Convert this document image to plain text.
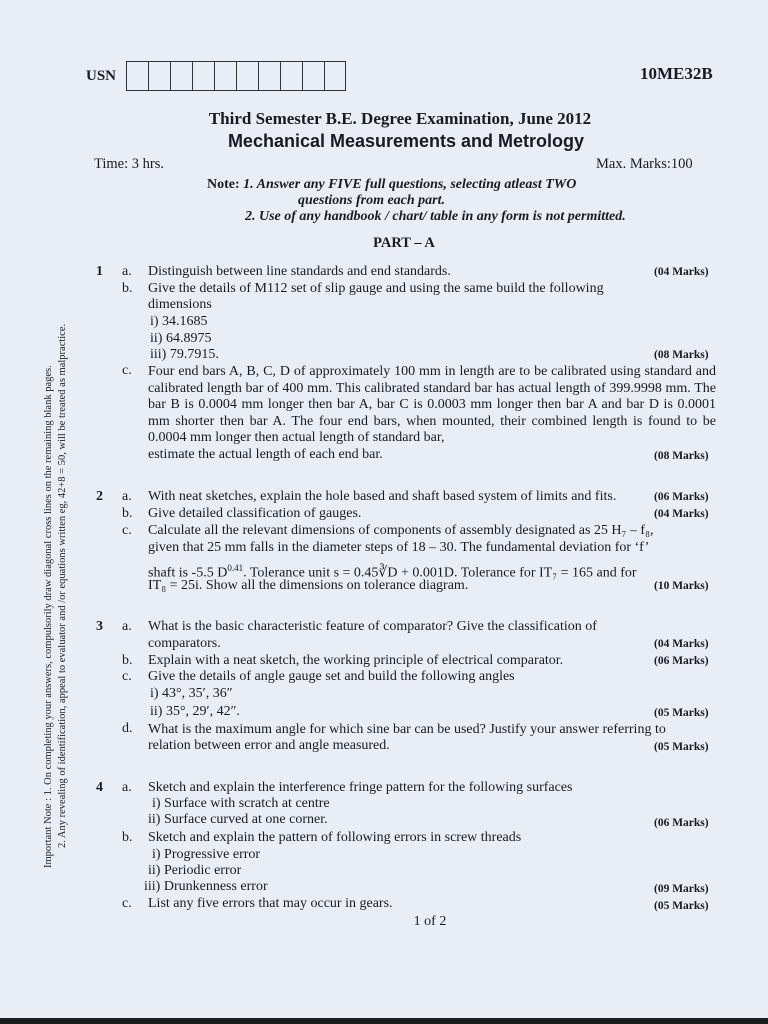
USN	10ME32B
Third Semester B.E. Degree Examination, June 2012
Mechanical Measurements and Metrology
Time: 3 hrs.	Max. Marks:100
Note: 1. Answer any FIVE full questions, selecting atleast TWO
questions from each part.
2. Use of any handbook / chart/ table in any form is not permitted.
PART – A
Important Note : 1. On completing your answers, compulsorily draw diagonal cross lines on the remaining blank pages. 2. Any revealing of identification, appeal to evaluator and /or equations written eg, 42+8 = 50, will be treated as malpractice.
1 a. Distinguish between line standards and end standards.	(04 Marks)
b. Give the details of M112 set of slip gauge and using the same build the following
dimensions
i) 34.1685
ii) 64.8975
iii) 79.7915.	(08 Marks)
c. Four end bars A, B, C, D of approximately 100 mm in length are to be calibrated using standard and calibrated length bar of 400 mm. This calibrated standard bar has actual length of 399.9998 mm. The bar B is 0.0004 mm longer then bar A, bar C is 0.0003 mm longer then bar A and bar D is 0.0001 mm shorter then bar A. The four end bars, when mounted, their combined length is found to be 0.0004 mm longer then actual length of standard bar,
estimate the actual length of each end bar.	(08 Marks)
2 a. With neat sketches, explain the hole based and shaft based system of limits and fits.	(06 Marks)
b. Give detailed classification of gauges.	(04 Marks)
c. Calculate all the relevant dimensions of components of assembly designated as 25 H₇ – f₈,
given that 25 mm falls in the diameter steps of 18 – 30. The fundamental deviation for ‘f’
shaft is -5.5 $D^{0.41}$. Tolerance unit s = 0.45∛D + 0.001D. Tolerance for IT₇ = 165 and for
IT₈ = 25i. Show all the dimensions on tolerance diagram.	(10 Marks)
3 a. What is the basic characteristic feature of comparator? Give the classification of
comparators.	(04 Marks)
b. Explain with a neat sketch, the working principle of electrical comparator.	(06 Marks)
c. Give the details of angle gauge set and build the following angles
i) 43°, 35′, 36″
ii) 35°, 29′, 42″.	(05 Marks)
d. What is the maximum angle for which sine bar can be used? Justify your answer referring to
relation between error and angle measured.	(05 Marks)
4 a. Sketch and explain the interference fringe pattern for the following surfaces
i) Surface with scratch at centre
ii) Surface curved at one corner.	(06 Marks)
b. Sketch and explain the pattern of following errors in screw threads
i) Progressive error
ii) Periodic error
iii) Drunkenness error	(09 Marks)
c. List any five errors that may occur in gears.	(05 Marks)
1 of 2
